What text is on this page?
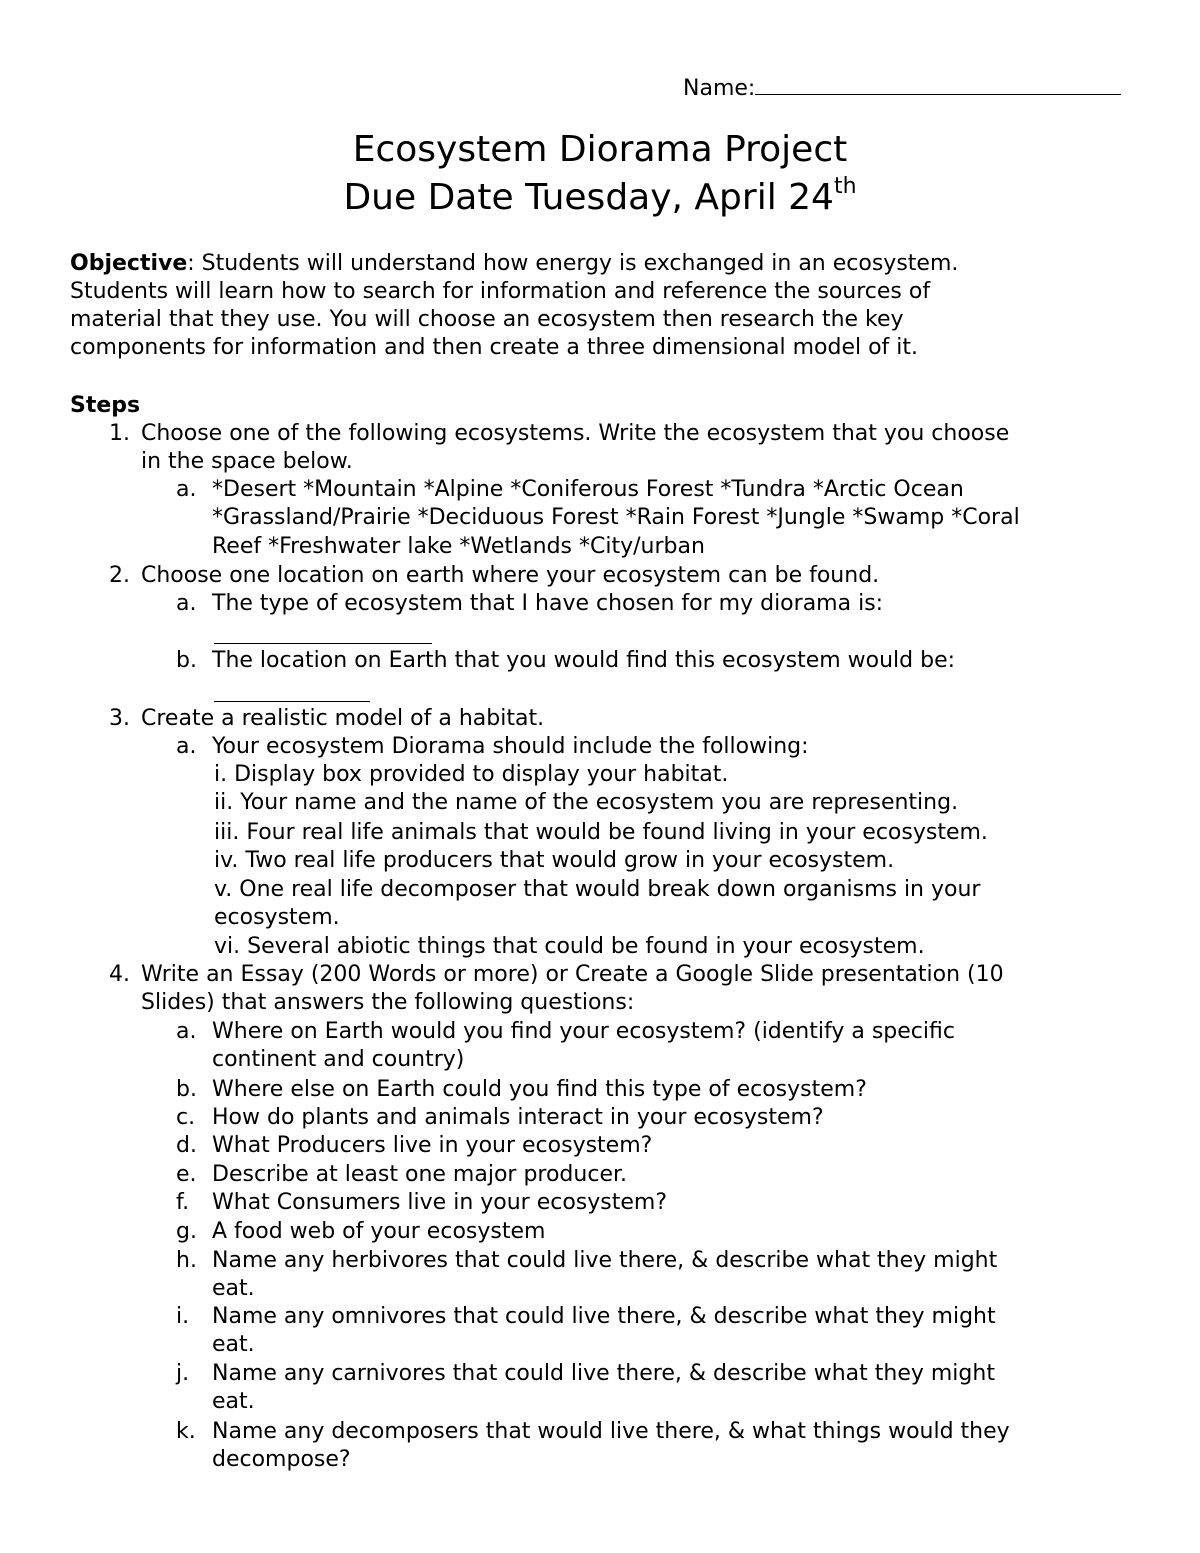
Name:
Ecosystem Diorama Project
Due Date Tuesday, April 24th
Objective: Students will understand how energy is exchanged in an ecosystem.
Students will learn how to search for information and reference the sources of
material that they use. You will choose an ecosystem then research the key
components for information and then create a three dimensional model of it.
Steps
1. Choose one of the following ecosystems. Write the ecosystem that you choose
in the space below.
a. *Desert *Mountain *Alpine *Coniferous Forest *Tundra *Arctic Ocean
*Grassland/Prairie *Deciduous Forest *Rain Forest *Jungle *Swamp *Coral
Reef *Freshwater lake *Wetlands *City/urban
2. Choose one location on earth where your ecosystem can be found.
a. The type of ecosystem that I have chosen for my diorama is:
b. The location on Earth that you would find this ecosystem would be:
3. Create a realistic model of a habitat.
a. Your ecosystem Diorama should include the following:
i. Display box provided to display your habitat.
ii. Your name and the name of the ecosystem you are representing.
iii. Four real life animals that would be found living in your ecosystem.
iv. Two real life producers that would grow in your ecosystem.
v. One real life decomposer that would break down organisms in your
ecosystem.
vi. Several abiotic things that could be found in your ecosystem.
4. Write an Essay (200 Words or more) or Create a Google Slide presentation (10
Slides) that answers the following questions:
a. Where on Earth would you find your ecosystem? (identify a specific
continent and country)
b. Where else on Earth could you find this type of ecosystem?
c. How do plants and animals interact in your ecosystem?
d. What Producers live in your ecosystem?
e. Describe at least one major producer.
f. What Consumers live in your ecosystem?
g. A food web of your ecosystem
h. Name any herbivores that could live there, & describe what they might
eat.
i. Name any omnivores that could live there, & describe what they might
eat.
j. Name any carnivores that could live there, & describe what they might
eat.
k. Name any decomposers that would live there, & what things would they
decompose?
